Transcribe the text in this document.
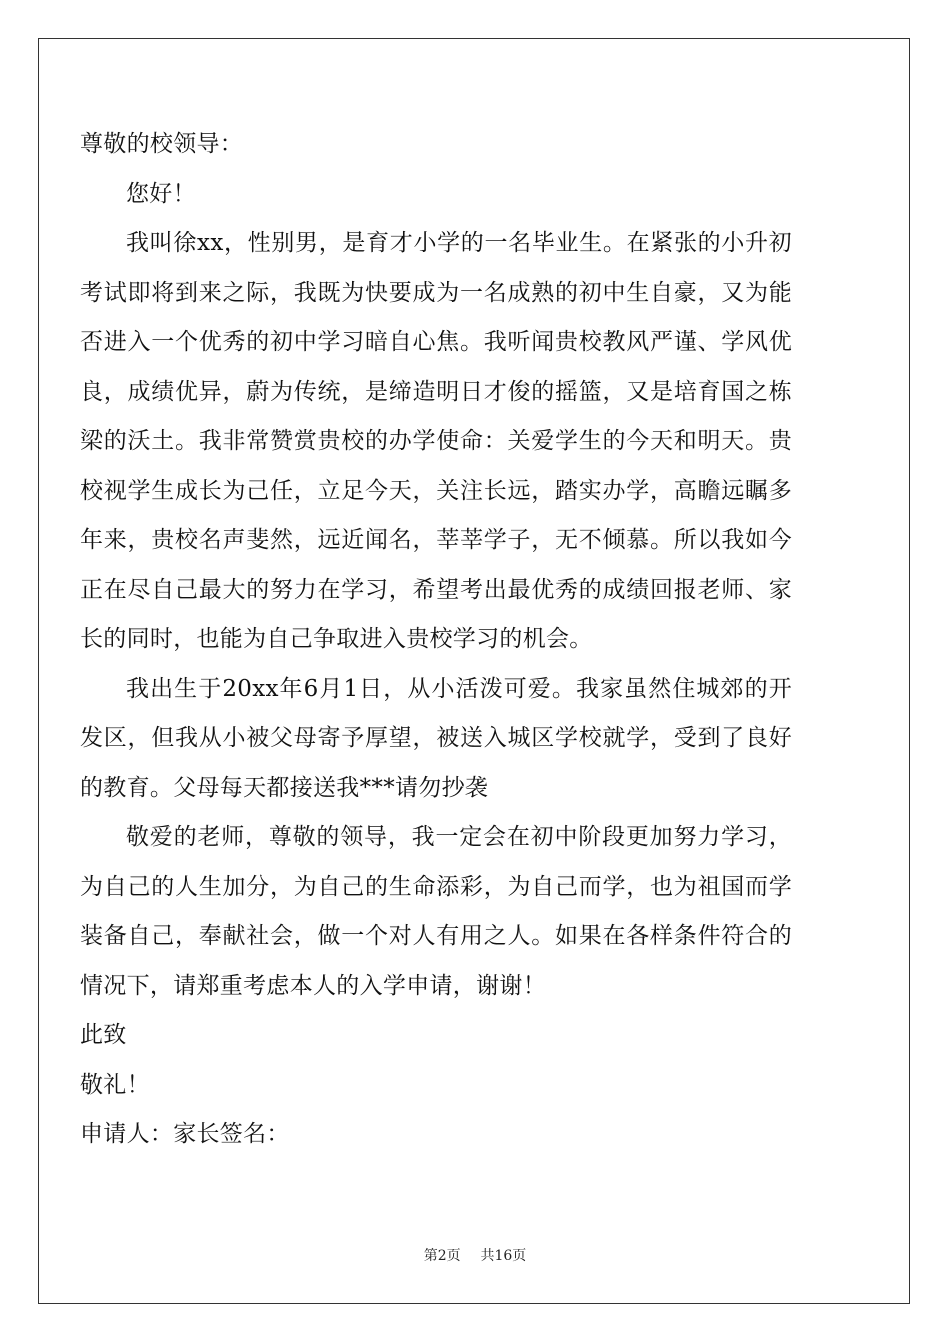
尊敬的校领导：
您好！
我叫徐xx，性别男，是育才小学的一名毕业生。在紧张的小升初考试即将到来之际，我既为快要成为一名成熟的初中生自豪，又为能否进入一个优秀的初中学习暗自心焦。我听闻贵校教风严谨、学风优良，成绩优异，蔚为传统，是缔造明日才俊的摇篮，又是培育国之栋梁的沃土。我非常赞赏贵校的办学使命：关爱学生的今天和明天。贵校视学生成长为己任，立足今天，关注长远，踏实办学，高瞻远瞩多年来，贵校名声斐然，远近闻名，莘莘学子，无不倾慕。所以我如今正在尽自己最大的努力在学习，希望考出最优秀的成绩回报老师、家长的同时，也能为自己争取进入贵校学习的机会。
我出生于20xx年6月1日，从小活泼可爱。我家虽然住城郊的开发区，但我从小被父母寄予厚望，被送入城区学校就学，受到了良好的教育。父母每天都接送我***请勿抄袭
敬爱的老师，尊敬的领导，我一定会在初中阶段更加努力学习，为自己的人生加分，为自己的生命添彩，为自己而学，也为祖国而学装备自己，奉献社会，做一个对人有用之人。如果在各样条件符合的情况下，请郑重考虑本人的入学申请，谢谢！
此致
敬礼！
申请人：家长签名：
第2页 共16页
